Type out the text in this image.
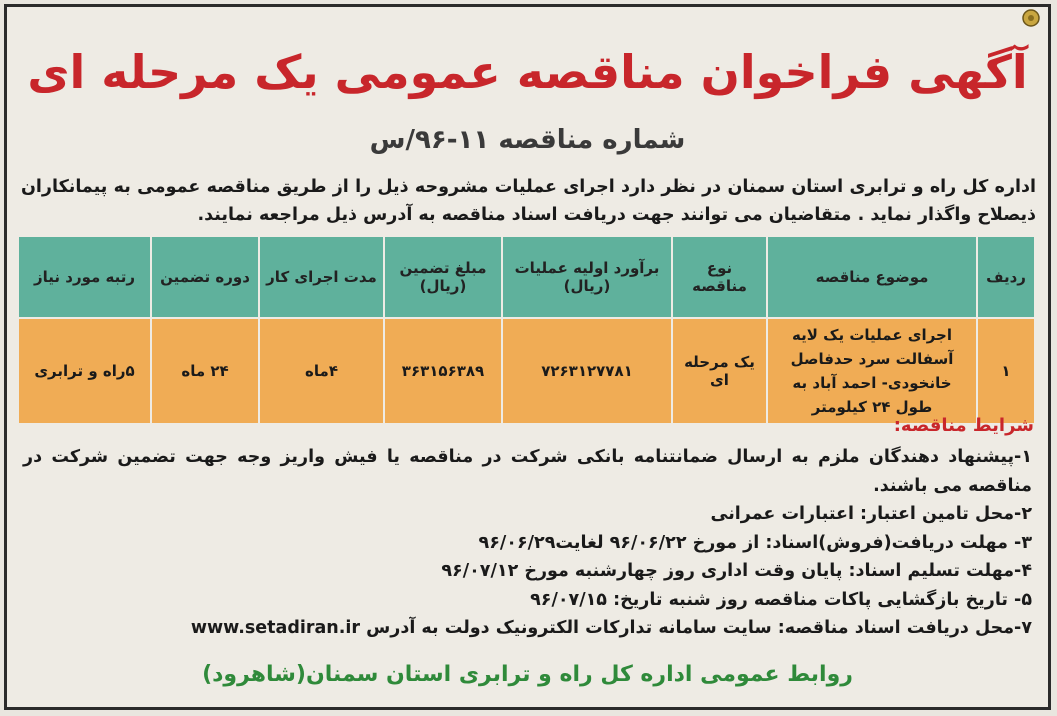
آگهی فراخوان مناقصه عمومی یک مرحله ای
شماره مناقصه ۱۱-۹۶/س
اداره کل راه و ترابری استان سمنان در نظر دارد اجرای عملیات مشروحه ذیل را از طریق مناقصه عمومی به پیمانکاران ذیصلاح واگذار نماید . متقاضیان می توانند جهت دریافت اسناد مناقصه به آدرس ذیل مراجعه نمایند.
ردیف	موضوع مناقصه	نوع مناقصه	برآورد اولیه عملیات (ریال)	مبلغ تضمین (ریال)	مدت اجرای کار	دوره تضمین	رتبه مورد نیاز
۱	اجرای عملیات یک لایه آسفالت سرد حدفاصل خانخودی- احمد آباد به طول ۲۴ کیلومتر	یک مرحله ای	۷۲۶۳۱۲۷۷۸۱	۳۶۳۱۵۶۳۸۹	۴ماه	۲۴ ماه	۵راه و ترابری
شرایط مناقصه:
۱-پیشنهاد دهندگان ملزم به ارسال ضمانتنامه بانکی شرکت در مناقصه یا فیش واریز وجه جهت تضمین شرکت در مناقصه می باشند.
۲-محل تامین اعتبار: اعتبارات عمرانی
۳- مهلت دریافت(فروش)اسناد: از مورخ ۹۶/۰۶/۲۲ لغایت۹۶/۰۶/۲۹
۴-مهلت تسلیم اسناد: پایان وقت اداری روز چهارشنبه مورخ ۹۶/۰۷/۱۲
۵- تاریخ بازگشایی پاکات مناقصه روز شنبه تاریخ: ۹۶/۰۷/۱۵
۷-محل دریافت اسناد مناقصه: سایت سامانه تدارکات الکترونیک دولت به آدرس www.setadiran.ir
روابط عمومی اداره کل راه و ترابری استان سمنان(شاهرود)
